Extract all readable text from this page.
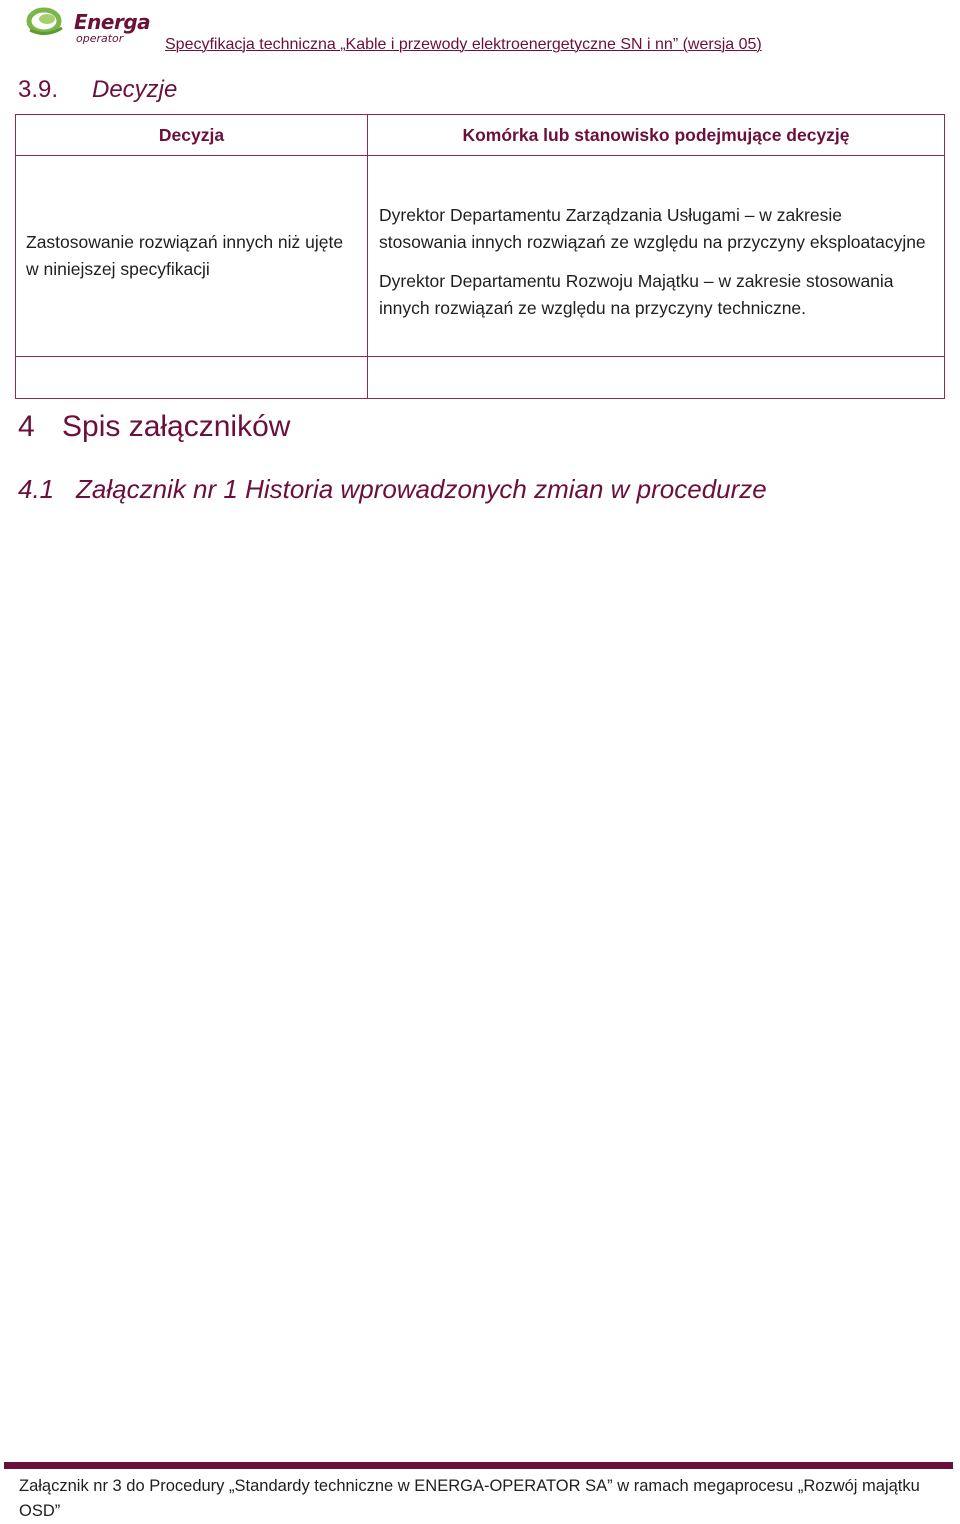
Energa
operator	Specyfikacja techniczna „Kable i przewody elektroenergetyczne SN i nn” (wersja 05)
3.9. Decyzje
Decyzja	Komórka lub stanowisko podejmujące decyzję
Zastosowanie rozwiązań innych niż ujęte w niniejszej specyfikacji	Dyrektor Departamentu Zarządzania Usługami – w zakresie stosowania innych rozwiązań ze względu na przyczyny eksploatacyjne

Dyrektor Departamentu Rozwoju Majątku – w zakresie stosowania innych rozwiązań ze względu na przyczyny techniczne.

4 Spis załączników
4.1 Załącznik nr 1 Historia wprowadzonych zmian w procedurze
Załącznik nr 3 do Procedury „Standardy techniczne w ENERGA-OPERATOR SA” w ramach megaprocesu „Rozwój majątku OSD”
